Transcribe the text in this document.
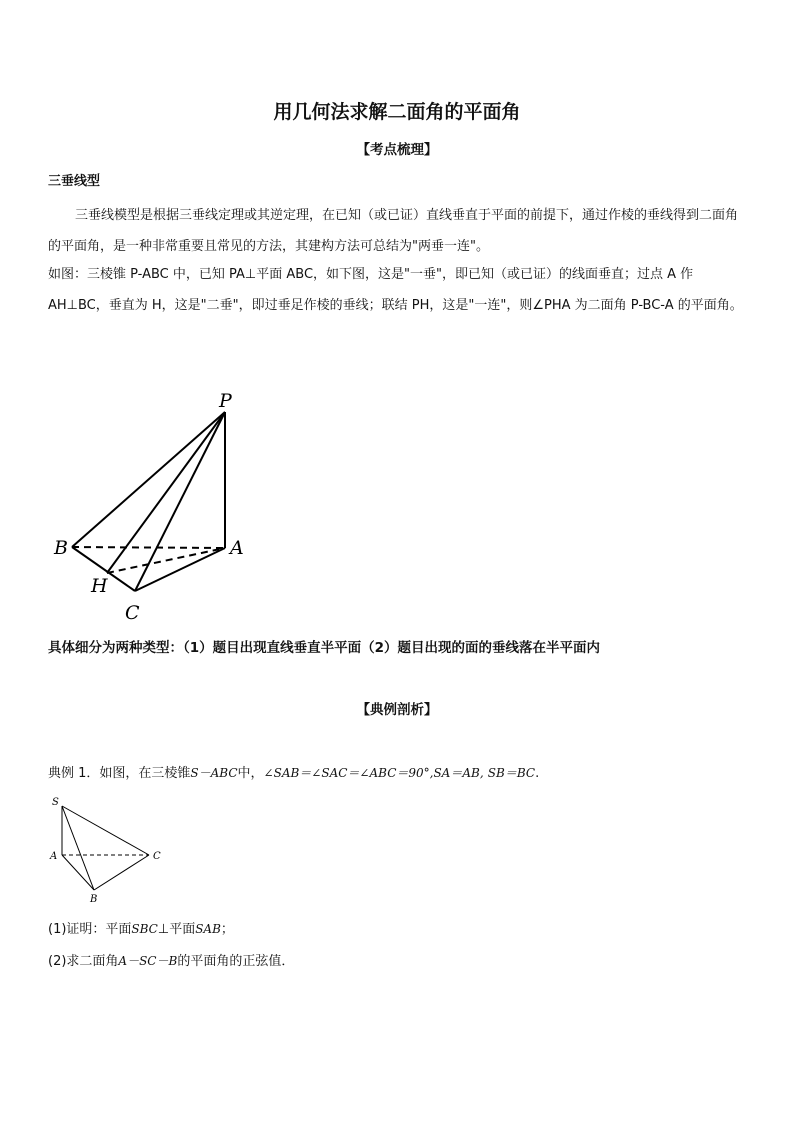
用几何法求解二面角的平面角
【考点梳理】
三垂线型

三垂线模型是根据三垂线定理或其逆定理，在已知（或已证）直线垂直于平面的前提下，通过作棱的垂线得到二面角的平面角，是一种非常重要且常见的方法，其建构方法可总结为"两垂一连"。

如图：三棱锥 P-ABC 中，已知 PA⊥平面 ABC，如下图，这是"一垂"，即已知（或已证）的线面垂直；过点 A 作 AH⊥BC，垂直为 H，这是"二垂"，即过垂足作棱的垂线；联结 PH，这是"一连"，则∠PHA 为二面角 P-BC-A 的平面角。

P
A
B
H
C
具体细分为两种类型：（1）题目出现直线垂直半平面（2）题目出现的面的垂线落在半平面内
【典例剖析】
典例 1．如图，在三棱锥S－ABC中，∠SAB＝∠SAC＝∠ABC＝90°,SA＝AB, SB＝BC.
S
A
B
C
(1)证明：平面SBC⊥平面SAB；
(2)求二面角A－SC－B的平面角的正弦值．
